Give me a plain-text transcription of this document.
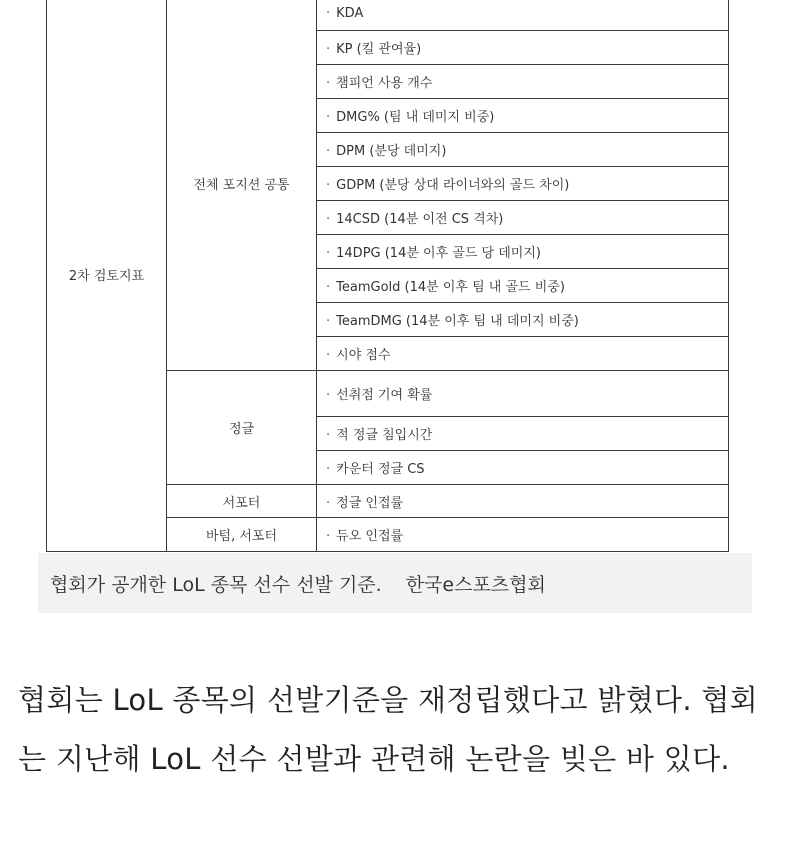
2차 검토지표	전체 포지션 공통	· KDA
		· KP (킬 관여율)
		· 챔피언 사용 개수
		· DMG% (팀 내 데미지 비중)
		· DPM (분당 데미지)
		· GDPM (분당 상대 라이너와의 골드 차이)
		· 14CSD (14분 이전 CS 격차)
		· 14DPG (14분 이후 골드 당 데미지)
		· TeamGold (14분 이후 팀 내 골드 비중)
		· TeamDMG (14분 이후 팀 내 데미지 비중)
		· 시야 점수
	정글	· 선취점 기여 확률
		· 적 정글 침입시간
		· 카운터 정글 CS
	서포터	· 정글 인접률
	바텀, 서포터	· 듀오 인접률
협회가 공개한 LoL 종목 선수 선발 기준. 한국e스포츠협회

협회는 LoL 종목의 선발기준을 재정립했다고 밝혔다. 협회는 지난해 LoL 선수 선발과 관련해 논란을 빚은 바 있다.
